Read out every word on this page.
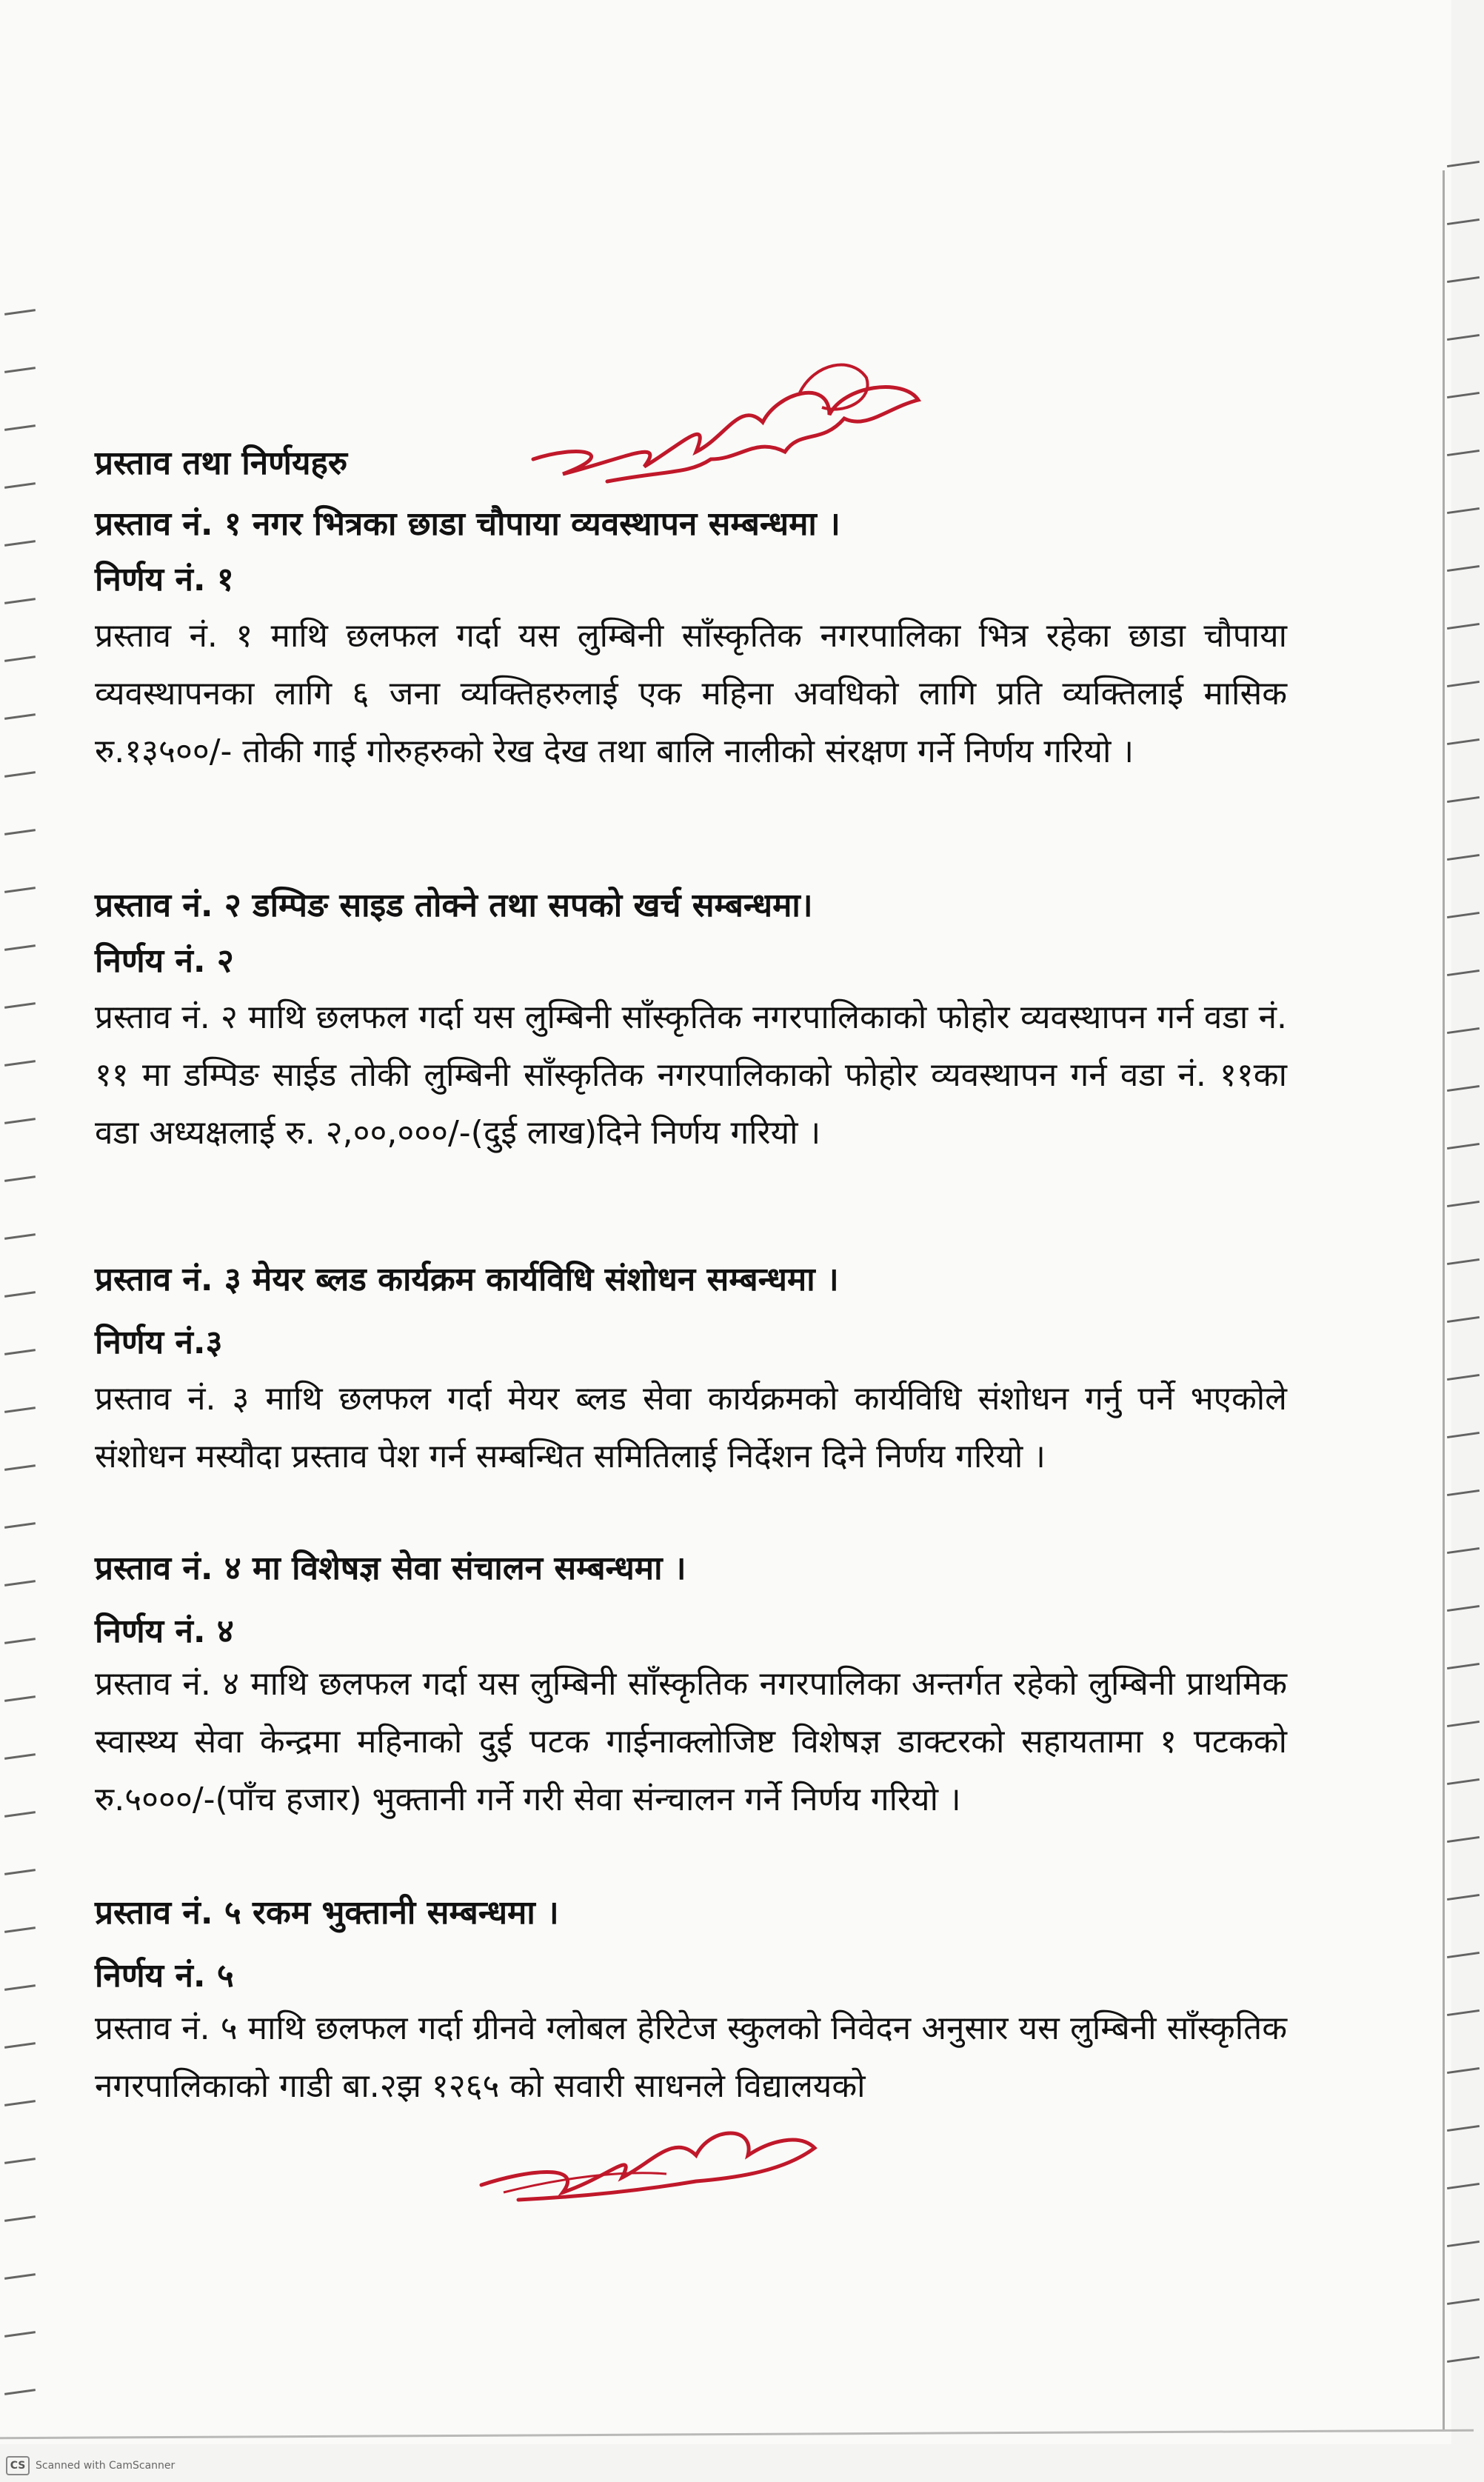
प्रस्ताव तथा निर्णयहरु
प्रस्ताव नं. १ नगर भित्रका छाडा चौपाया व्यवस्थापन सम्बन्धमा ।
निर्णय नं. १
प्रस्ताव नं. १ माथि छलफल गर्दा यस लुम्बिनी साँस्कृतिक नगरपालिका भित्र रहेका छाडा चौपाया व्यवस्थापनका लागि ६ जना व्यक्तिहरुलाई एक महिना अवधिको लागि प्रति व्यक्तिलाई मासिक रु.१३५००/- तोकी गाई गोरुहरुको रेख देख तथा बालि नालीको संरक्षण गर्ने निर्णय गरियो ।
प्रस्ताव नं. २ डम्पिङ साइड तोक्ने तथा सपको खर्च सम्बन्धमा।
निर्णय नं. २
प्रस्ताव नं. २ माथि छलफल गर्दा यस लुम्बिनी साँस्कृतिक नगरपालिकाको फोहोर व्यवस्थापन गर्न वडा नं. ११ मा डम्पिङ साईड तोकी लुम्बिनी साँस्कृतिक नगरपालिकाको फोहोर व्यवस्थापन गर्न वडा नं. ११का वडा अध्यक्षलाई रु. २,००,०००/-(दुई लाख)दिने निर्णय गरियो ।
प्रस्ताव नं. ३ मेयर ब्लड कार्यक्रम कार्यविधि संशोधन सम्बन्धमा ।
निर्णय नं.३
प्रस्ताव नं. ३ माथि छलफल गर्दा मेयर ब्लड सेवा कार्यक्रमको कार्यविधि संशोधन गर्नु पर्ने भएकोले संशोधन मस्यौदा प्रस्ताव पेश गर्न सम्बन्धित समितिलाई निर्देशन दिने निर्णय गरियो ।
प्रस्ताव नं. ४ मा विशेषज्ञ सेवा संचालन सम्बन्धमा ।
निर्णय नं. ४
प्रस्ताव नं. ४ माथि छलफल गर्दा यस लुम्बिनी साँस्कृतिक नगरपालिका अन्तर्गत रहेको लुम्बिनी प्राथमिक स्वास्थ्य सेवा केन्द्रमा महिनाको दुई पटक गाईनाक्लोजिष्ट विशेषज्ञ डाक्टरको सहायतामा १ पटकको रु.५०००/-(पाँच हजार) भुक्तानी गर्ने गरी सेवा संन्चालन गर्ने निर्णय गरियो ।
प्रस्ताव नं. ५ रकम भुक्तानी सम्बन्धमा ।
निर्णय नं. ५
प्रस्ताव नं. ५ माथि छलफल गर्दा ग्रीनवे ग्लोबल हेरिटेज स्कुलको निवेदन अनुसार यस लुम्बिनी साँस्कृतिक नगरपालिकाको गाडी बा.२झ १२६५ को सवारी साधनले विद्यालयको
CS Scanned with CamScanner
